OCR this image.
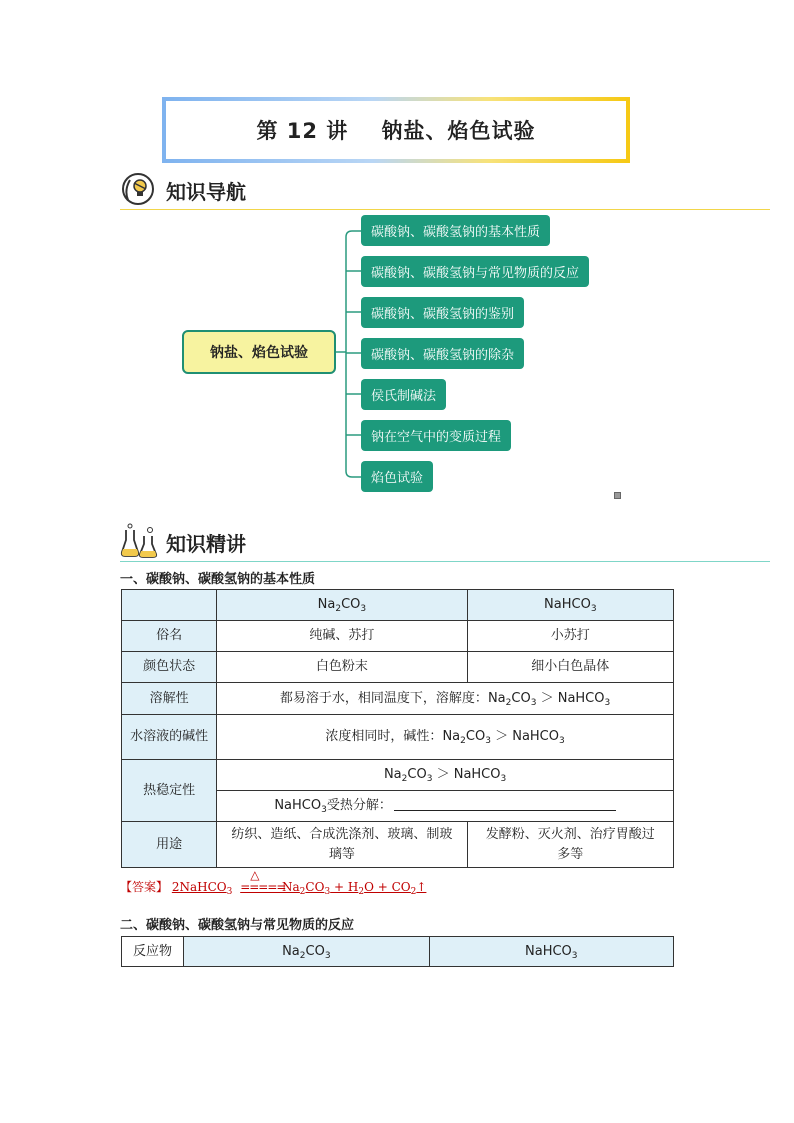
第 12 讲    钠盐、焰色试验
知识导航
钠盐、焰色试验
碳酸钠、碳酸氢钠的基本性质
碳酸钠、碳酸氢钠与常见物质的反应
碳酸钠、碳酸氢钠的鉴别
碳酸钠、碳酸氢钠的除杂
侯氏制碱法
钠在空气中的变质过程
焰色试验
知识精讲
一、碳酸钠、碳酸氢钠的基本性质
	$Na_2CO_3$	NaHCO$_3$
俗名	纯碱、苏打	小苏打
颜色状态	白色粉末	细小白色晶体
溶解性	都易溶于水，相同温度下，溶解度：$Na_2CO_3$ ＞ NaHCO$_3$
水溶液的碱性	浓度相同时，碱性：$Na_2CO_3$ ＞ NaHCO$_3$
热稳定性	$Na_2CO_3$ ＞ NaHCO$_3$
	NaHCO$_3$受热分解：	
用途	纺织、造纸、合成洗涤剂、玻璃、制玻璃等	发酵粉、灭火剂、治疗胃酸过多等
【答案】 2NaHCO$_3$
△
=====
$Na_2CO_3 + H_2O$ + $CO_2↑$
二、碳酸钠、碳酸氢钠与常见物质的反应
反应物	$Na_2CO_3$	NaHCO$_3$
